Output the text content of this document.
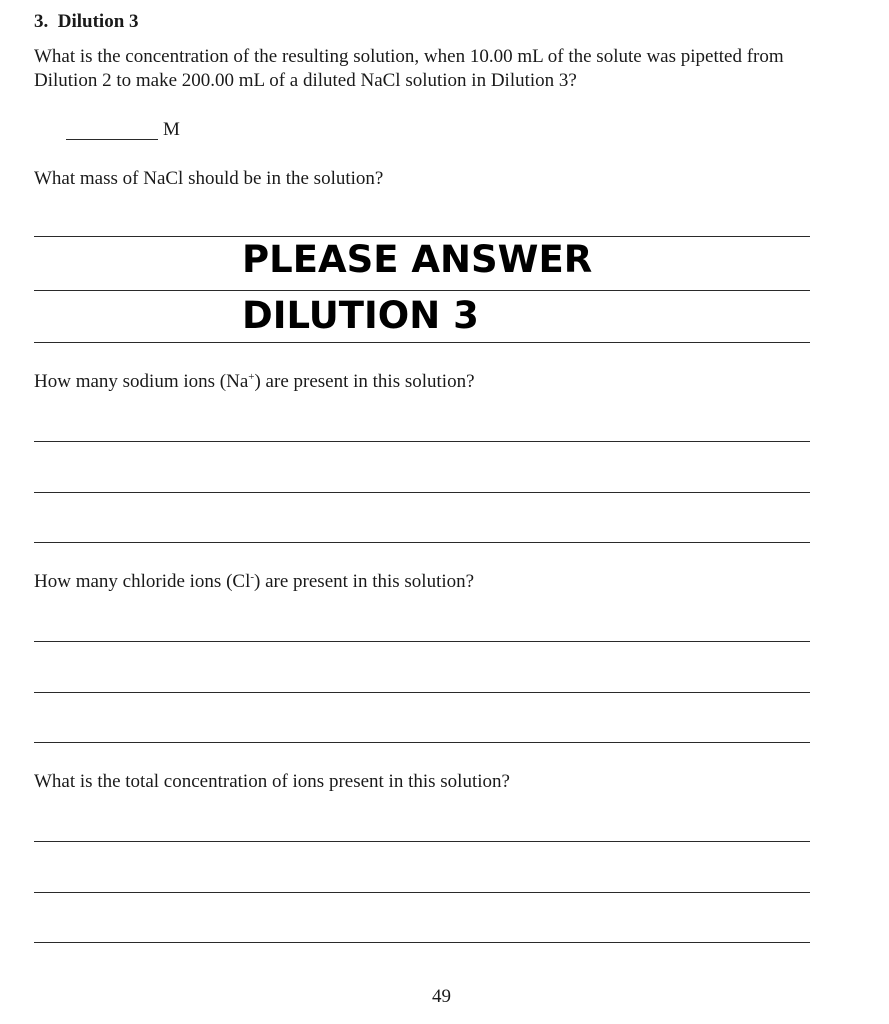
3. Dilution 3
What is the concentration of the resulting solution, when 10.00 mL of the solute was pipetted from
Dilution 2 to make 200.00 mL of a diluted NaCl solution in Dilution 3?
M
What mass of NaCl should be in the solution?
PLEASE ANSWER
DILUTION 3
How many sodium ions (Na+) are present in this solution?
How many chloride ions (Cl-) are present in this solution?
What is the total concentration of ions present in this solution?
49
